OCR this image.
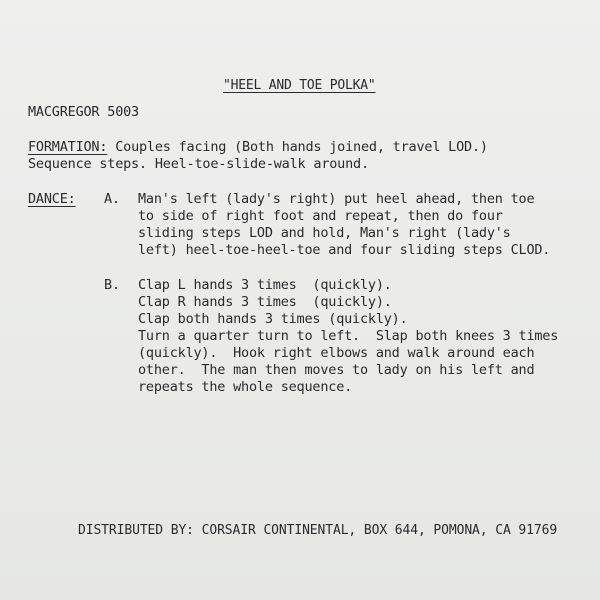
"HEEL AND TOE POLKA"
MACGREGOR 5003
FORMATION: Couples facing (Both hands joined, travel LOD.)
Sequence steps. Heel-toe-slide-walk around.
DANCE: A. Man's left (lady's right) put heel ahead, then toe
to side of right foot and repeat, then do four
sliding steps LOD and hold, Man's right (lady's
left) heel-toe-heel-toe and four sliding steps CLOD.
B. Clap L hands 3 times  (quickly).
Clap R hands 3 times  (quickly).
Clap both hands 3 times (quickly).
Turn a quarter turn to left.  Slap both knees 3 times
(quickly).  Hook right elbows and walk around each
other.  The man then moves to lady on his left and
repeats the whole sequence.
DISTRIBUTED BY: CORSAIR CONTINENTAL, BOX 644, POMONA, CA 91769
